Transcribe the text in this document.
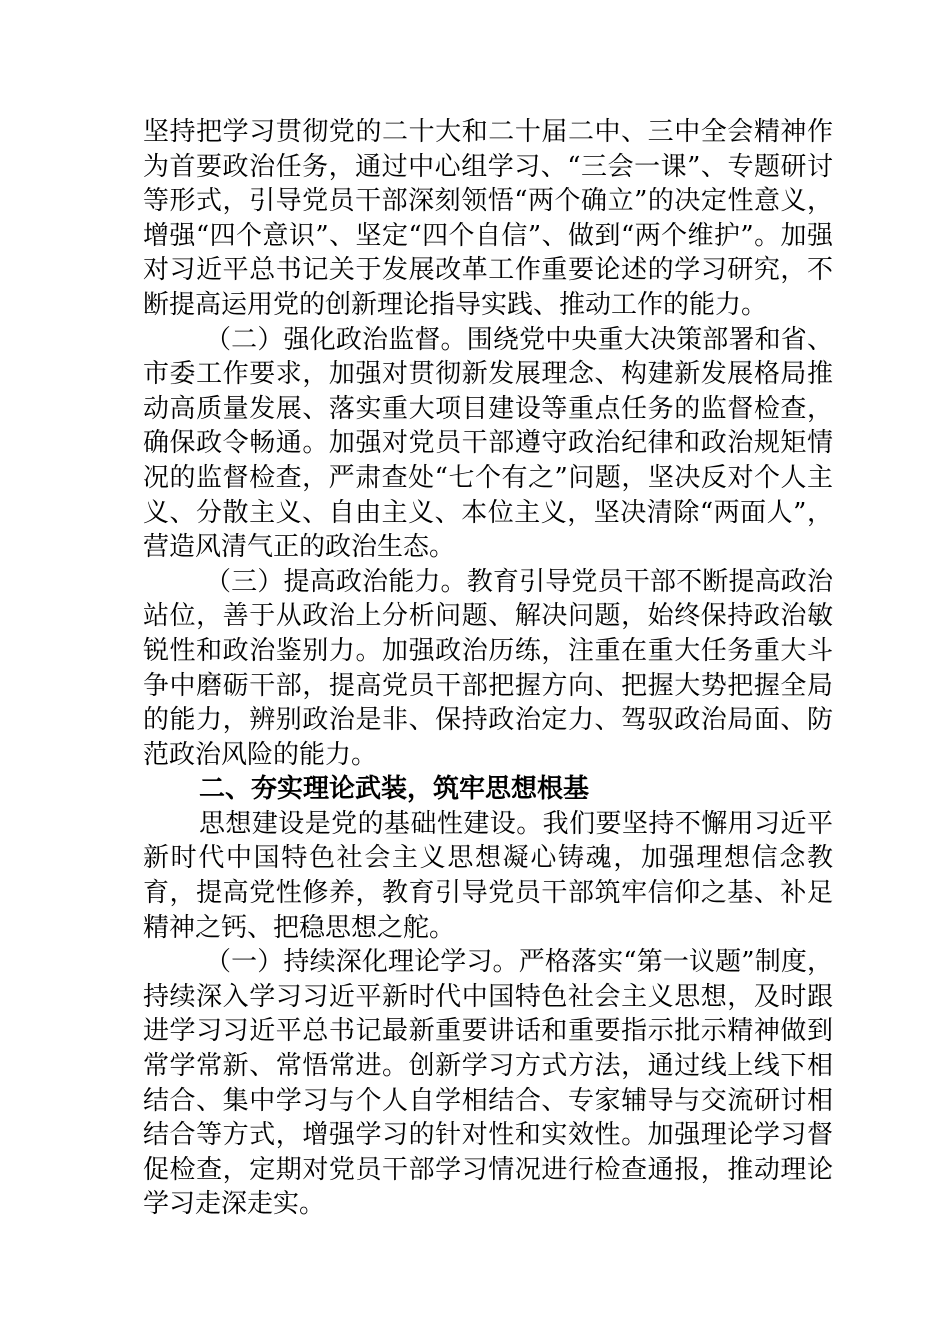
坚持把学习贯彻党的二十大和二十届二中、三中全会精神作为首要政治任务，通过中心组学习、“三会一课”、专题研讨等形式，引导党员干部深刻领悟“两个确立”的决定性意义，增强“四个意识”、坚定“四个自信”、做到“两个维护”。加强对习近平总书记关于发展改革工作重要论述的学习研究，不断提高运用党的创新理论指导实践、推动工作的能力。

（二）强化政治监督。围绕党中央重大决策部署和省、市委工作要求，加强对贯彻新发展理念、构建新发展格局推动高质量发展、落实重大项目建设等重点任务的监督检查，确保政令畅通。加强对党员干部遵守政治纪律和政治规矩情况的监督检查，严肃查处“七个有之”问题，坚决反对个人主义、分散主义、自由主义、本位主义，坚决清除“两面人”，营造风清气正的政治生态。

（三）提高政治能力。教育引导党员干部不断提高政治站位，善于从政治上分析问题、解决问题，始终保持政治敏锐性和政治鉴别力。加强政治历练，注重在重大任务重大斗争中磨砺干部，提高党员干部把握方向、把握大势把握全局的能力，辨别政治是非、保持政治定力、驾驭政治局面、防范政治风险的能力。

二、夯实理论武装，筑牢思想根基

思想建设是党的基础性建设。我们要坚持不懈用习近平新时代中国特色社会主义思想凝心铸魂，加强理想信念教育，提高党性修养，教育引导党员干部筑牢信仰之基、补足精神之钙、把稳思想之舵。

（一）持续深化理论学习。严格落实“第一议题”制度，持续深入学习习近平新时代中国特色社会主义思想，及时跟进学习习近平总书记最新重要讲话和重要指示批示精神做到常学常新、常悟常进。创新学习方式方法，通过线上线下相结合、集中学习与个人自学相结合、专家辅导与交流研讨相结合等方式，增强学习的针对性和实效性。加强理论学习督促检查，定期对党员干部学习情况进行检查通报，推动理论学习走深走实。
